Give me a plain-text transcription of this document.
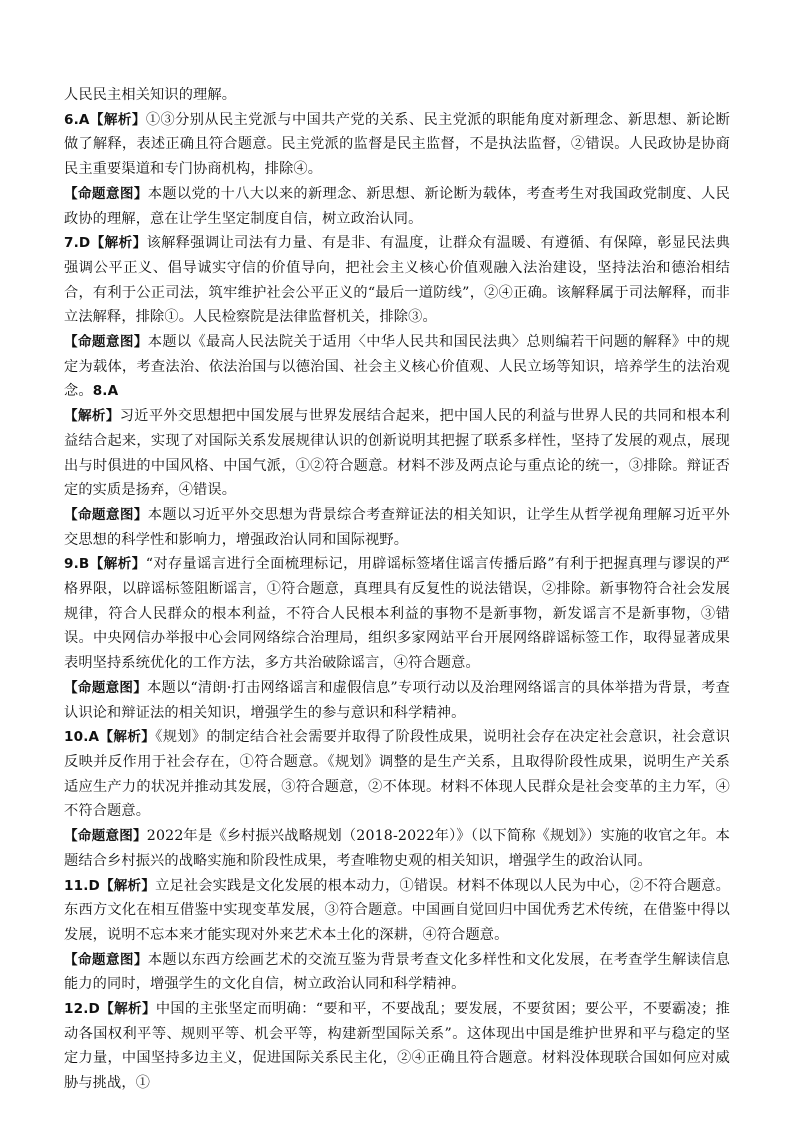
人民民主相关知识的理解。

6.A【解析】①③分别从民主党派与中国共产党的关系、民主党派的职能角度对新理念、新思想、新论断做了解释，表述正确且符合题意。民主党派的监督是民主监督，不是执法监督，②错误。人民政协是协商民主重要渠道和专门协商机构，排除④。

【命题意图】本题以党的十八大以来的新理念、新思想、新论断为载体，考查考生对我国政党制度、人民政协的理解，意在让学生坚定制度自信，树立政治认同。

7.D【解析】该解释强调让司法有力量、有是非、有温度，让群众有温暖、有遵循、有保障，彰显民法典强调公平正义、倡导诚实守信的价值导向，把社会主义核心价值观融入法治建设，坚持法治和德治相结合，有利于公正司法，筑牢维护社会公平正义的“最后一道防线”，②④正确。该解释属于司法解释，而非立法解释，排除①。人民检察院是法律监督机关，排除③。

【命题意图】本题以《最高人民法院关于适用〈中华人民共和国民法典〉总则编若干问题的解释》中的规定为载体，考查法治、依法治国与以德治国、社会主义核心价值观、人民立场等知识，培养学生的法治观念。8.A

【解析】习近平外交思想把中国发展与世界发展结合起来，把中国人民的利益与世界人民的共同和根本利益结合起来，实现了对国际关系发展规律认识的创新说明其把握了联系多样性，坚持了发展的观点，展现出与时俱进的中国风格、中国气派，①②符合题意。材料不涉及两点论与重点论的统一，③排除。辩证否定的实质是扬弃，④错误。

【命题意图】本题以习近平外交思想为背景综合考查辩证法的相关知识，让学生从哲学视角理解习近平外交思想的科学性和影响力，增强政治认同和国际视野。

9.B【解析】“对存量谣言进行全面梳理标记，用辟谣标签堵住谣言传播后路”有利于把握真理与谬误的严格界限，以辟谣标签阻断谣言，①符合题意，真理具有反复性的说法错误，②排除。新事物符合社会发展规律，符合人民群众的根本利益，不符合人民根本利益的事物不是新事物，新发谣言不是新事物，③错误。中央网信办举报中心会同网络综合治理局，组织多家网站平台开展网络辟谣标签工作，取得显著成果表明坚持系统优化的工作方法，多方共治破除谣言，④符合题意。

【命题意图】本题以“清朗·打击网络谣言和虚假信息”专项行动以及治理网络谣言的具体举措为背景，考查认识论和辩证法的相关知识，增强学生的参与意识和科学精神。

10.A【解析】《规划》的制定结合社会需要并取得了阶段性成果，说明社会存在决定社会意识，社会意识反映并反作用于社会存在，①符合题意。《规划》调整的是生产关系，且取得阶段性成果，说明生产关系适应生产力的状况并推动其发展，③符合题意，②不体现。材料不体现人民群众是社会变革的主力军，④不符合题意。

【命题意图】2022年是《乡村振兴战略规划（2018-2022年）》（以下简称《规划》）实施的收官之年。本题结合乡村振兴的战略实施和阶段性成果，考查唯物史观的相关知识，增强学生的政治认同。

11.D【解析】立足社会实践是文化发展的根本动力，①错误。材料不体现以人民为中心，②不符合题意。东西方文化在相互借鉴中实现变革发展，③符合题意。中国画自觉回归中国优秀艺术传统，在借鉴中得以发展，说明不忘本来才能实现对外来艺术本土化的深耕，④符合题意。

【命题意图】本题以东西方绘画艺术的交流互鉴为背景考查文化多样性和文化发展，在考查学生解读信息能力的同时，增强学生的文化自信，树立政治认同和科学精神。

12.D【解析】中国的主张坚定而明确：“要和平，不要战乱；要发展，不要贫困；要公平，不要霸凌；推动各国权利平等、规则平等、机会平等，构建新型国际关系”。这体现出中国是维护世界和平与稳定的坚定力量，中国坚持多边主义，促进国际关系民主化，②④正确且符合题意。材料没体现联合国如何应对威胁与挑战，①
